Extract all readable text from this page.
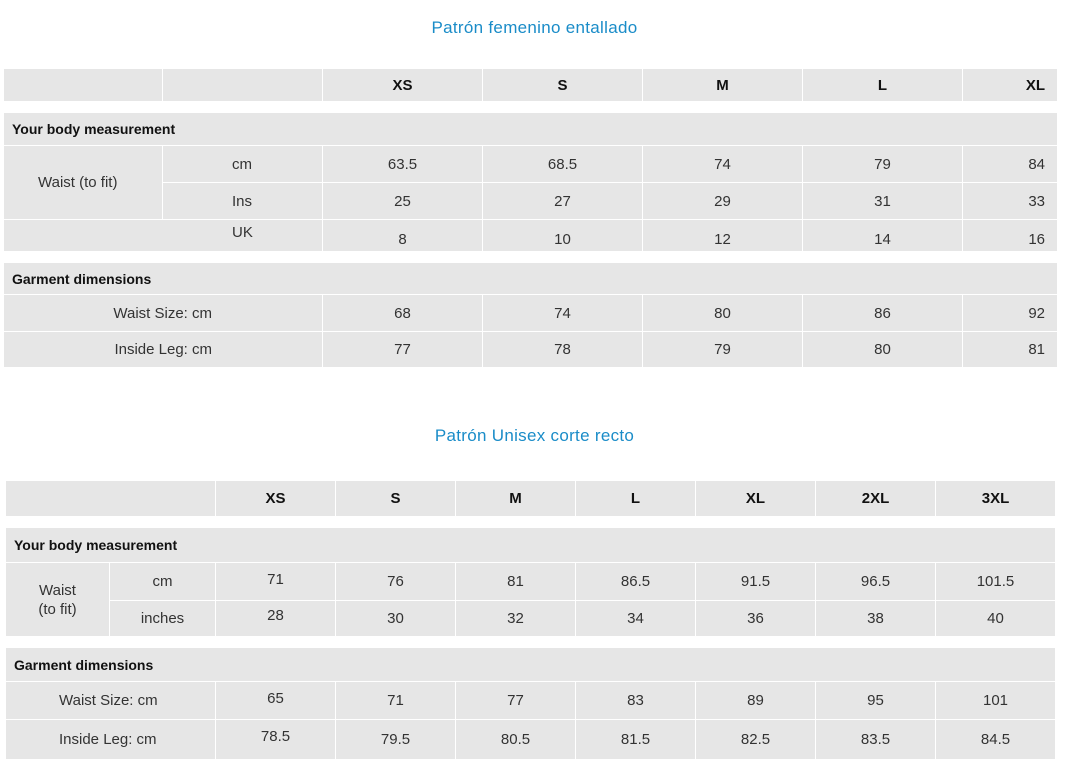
Patrón femenino entallado
		XS	S	M	L	XL

Your body measurement						
Waist (to fit)	cm	63.5	68.5	74	79	84
	Ins	25	27	29	31	33
	UK	8	10	12	14	16

Garment dimensions						
Waist Size: cm		68	74	80	86	92
Inside Leg: cm		77	78	79	80	81
Patrón Unisex corte recto
		XS	S	M	L	XL	2XL	3XL

Your body measurement								

Waist
(to fit)	cm	71	76	81	86.5	91.5	96.5	101.5
	inches	28	30	32	34	36	38	40

Garment dimensions								
Waist Size: cm		65	71	77	83	89	95	101
Inside Leg: cm		78.5	79.5	80.5	81.5	82.5	83.5	84.5
